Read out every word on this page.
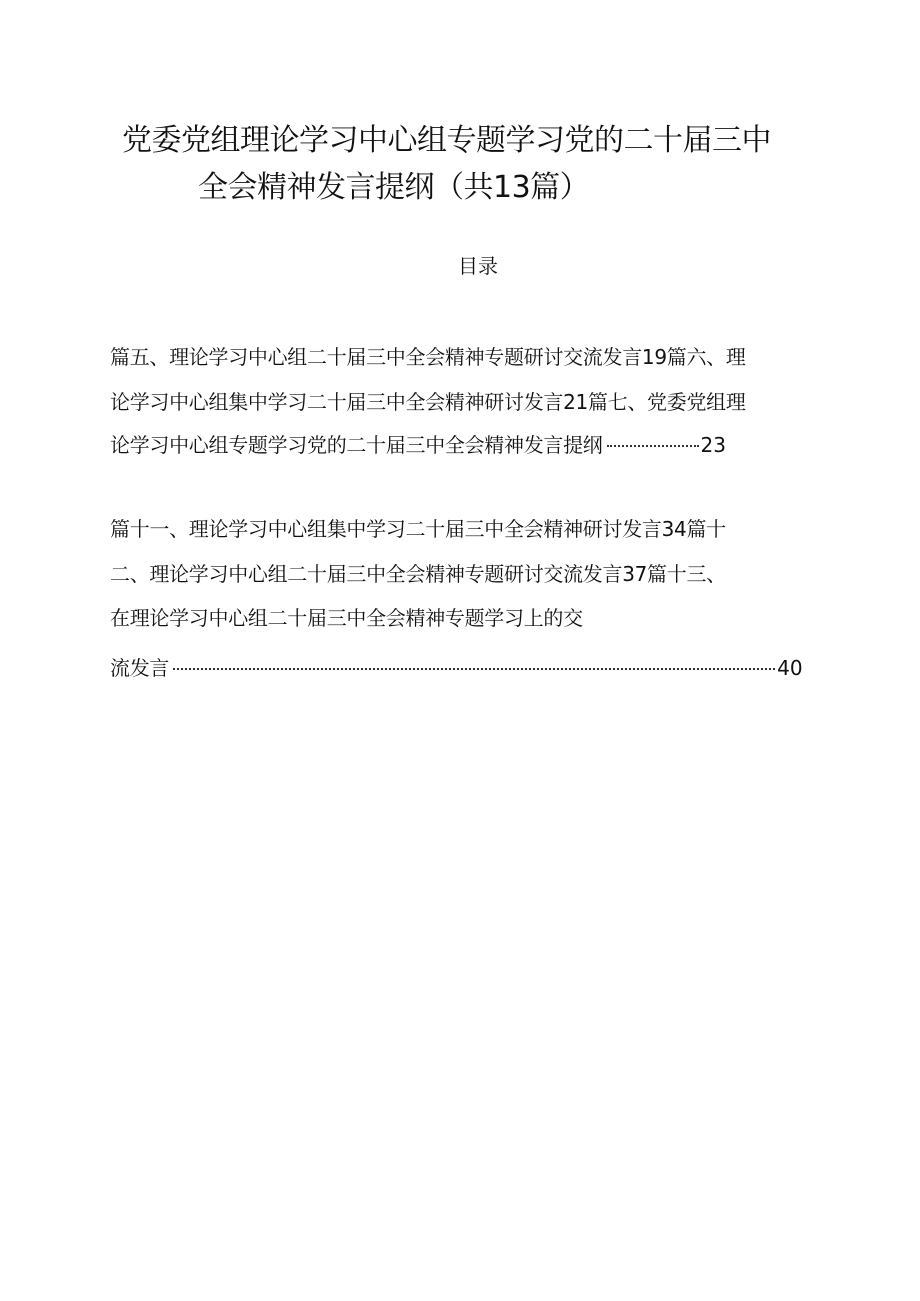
党委党组理论学习中心组专题学习党的二十届三中
全会精神发言提纲（共13篇）
目录
篇五、理论学习中心组二十届三中全会精神专题研讨交流发言19篇六、理
论学习中心组集中学习二十届三中全会精神研讨发言21篇七、党委党组理
论学习中心组专题学习党的二十届三中全会精神发言提纲	23
篇十一、理论学习中心组集中学习二十届三中全会精神研讨发言34篇十
二、理论学习中心组二十届三中全会精神专题研讨交流发言37篇十三、
在理论学习中心组二十届三中全会精神专题学习上的交
流发言	40
